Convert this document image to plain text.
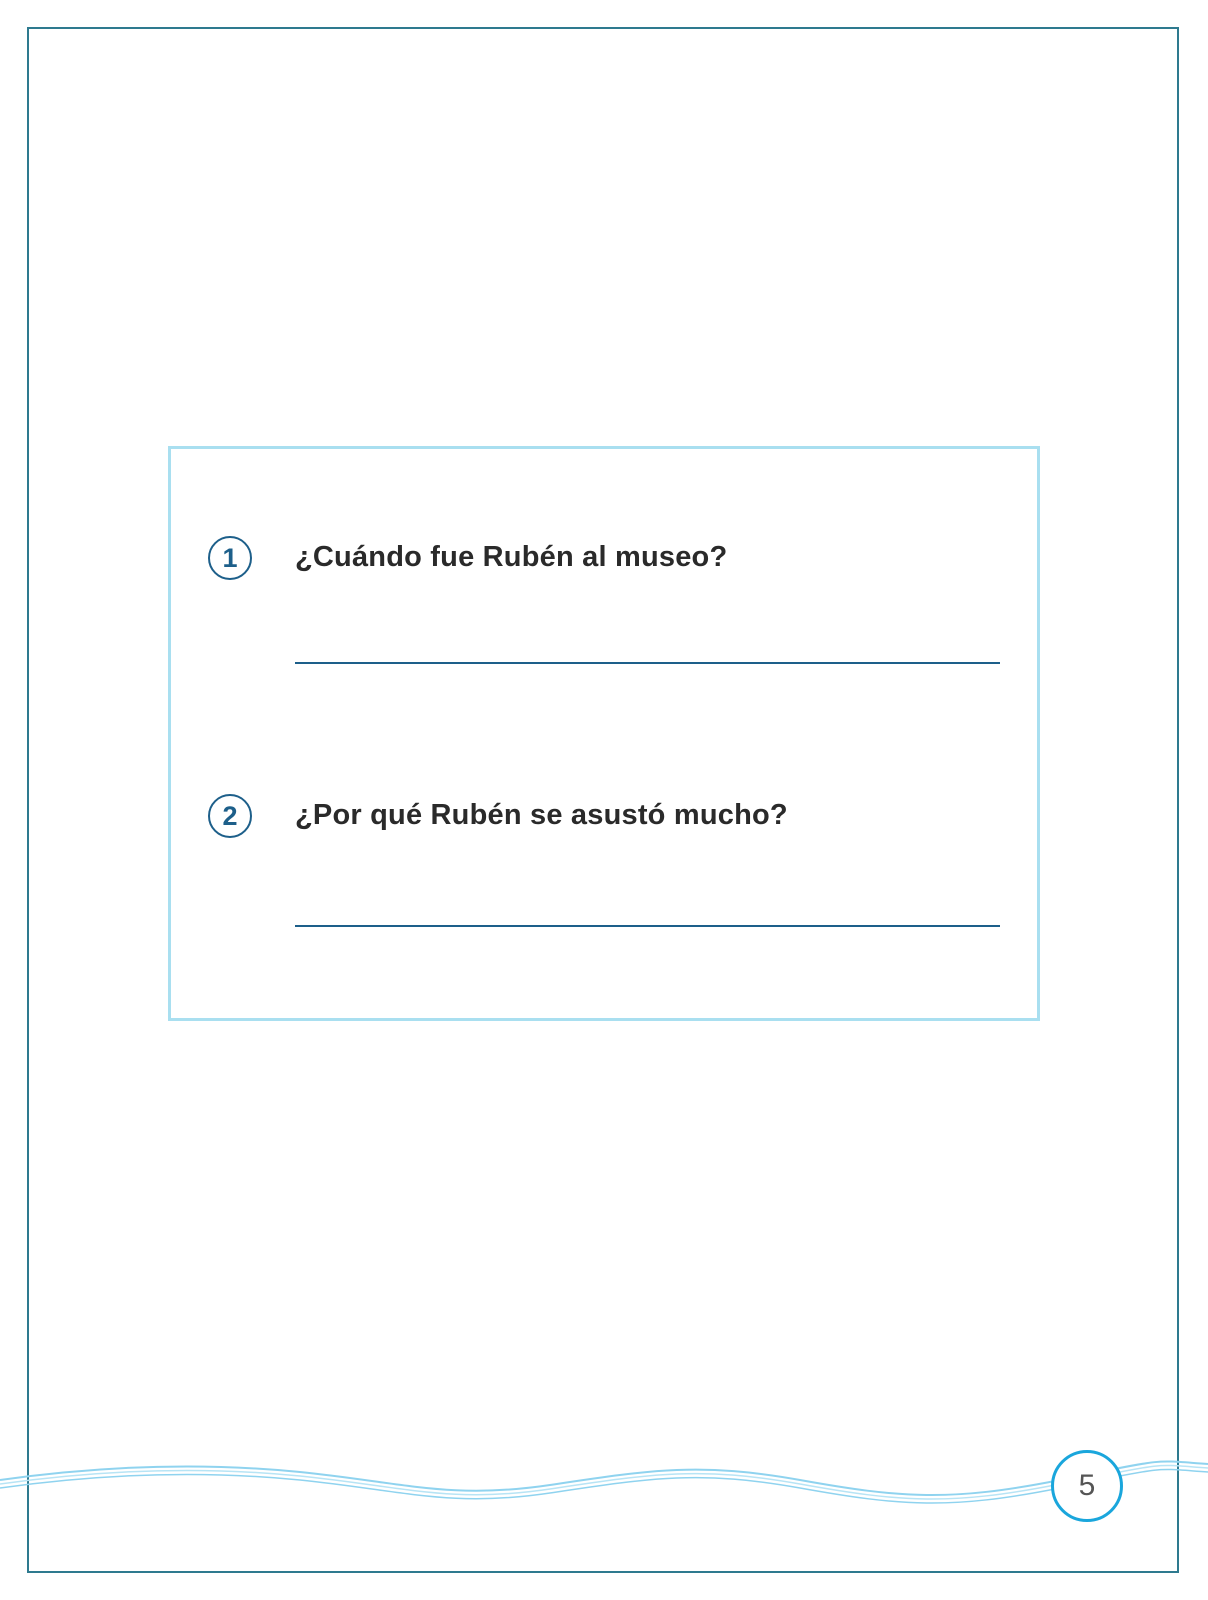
1	¿Cuándo fue Rubén al museo?
2	¿Por qué Rubén se asustó mucho?
5
